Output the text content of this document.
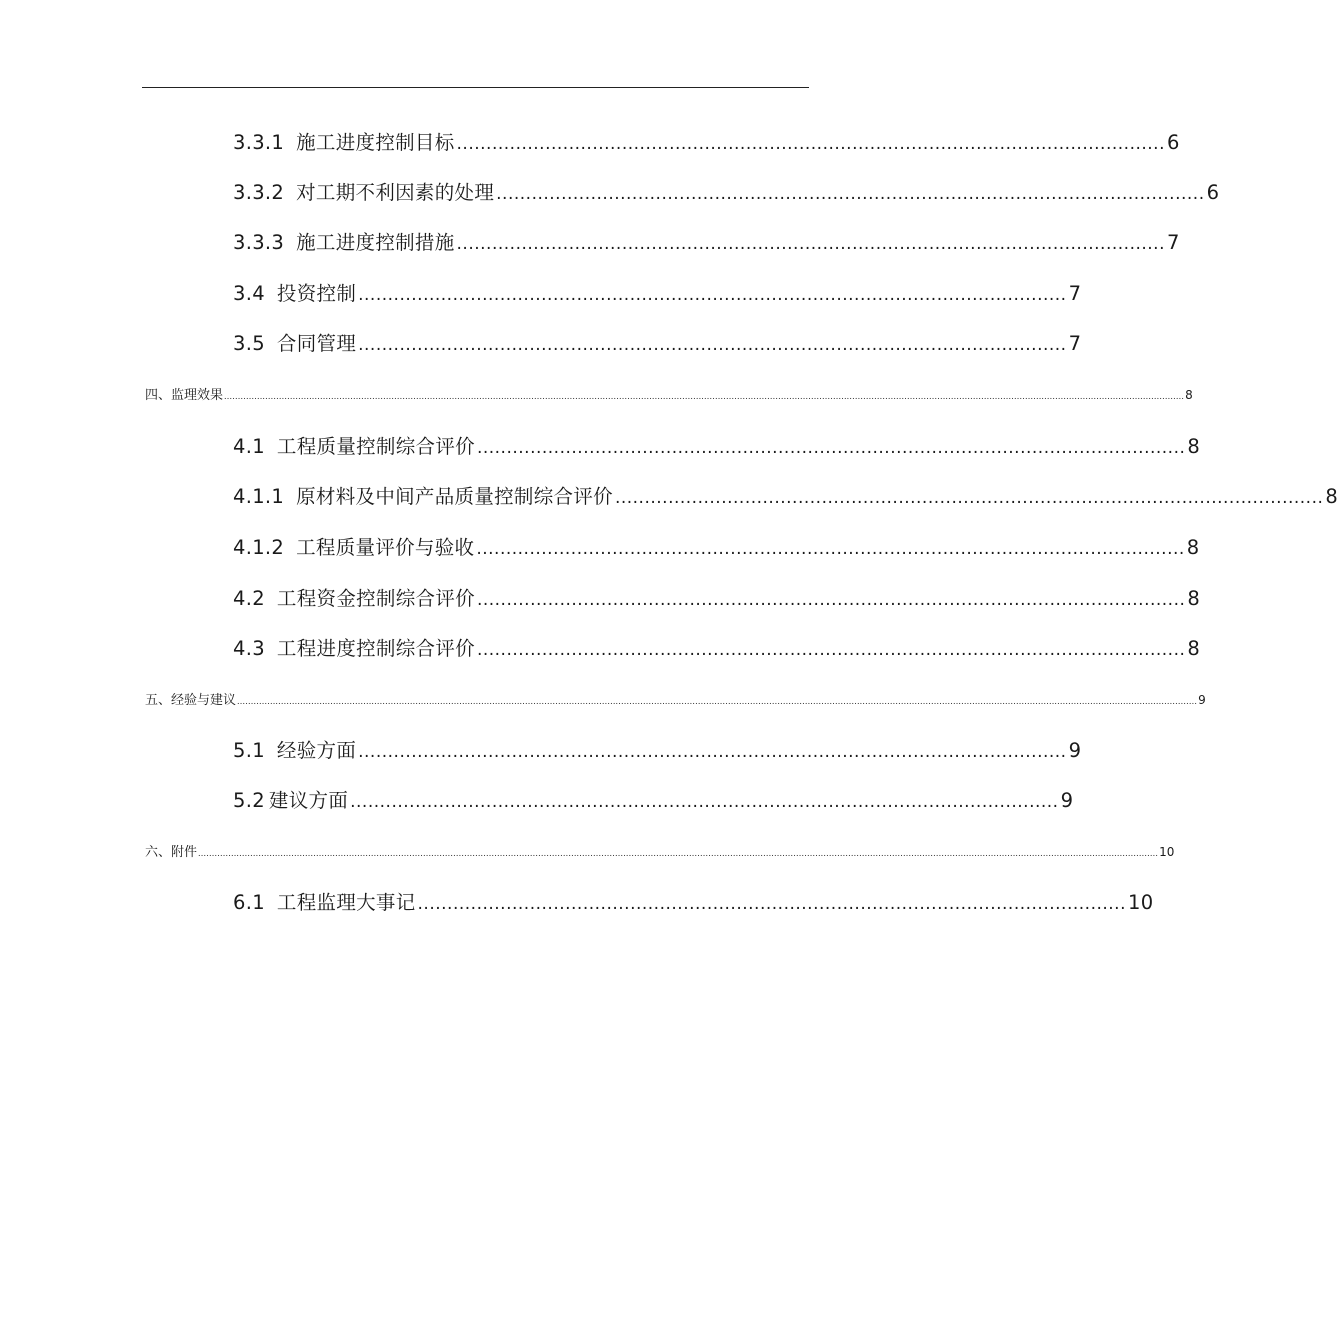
3.3.1 施工进度控制目标 ........................................................................................................................ 6
3.3.2 对工期不利因素的处理 ........................................................................................................................ 6
3.3.3 施工进度控制措施 ........................................................................................................................ 7
3.4 投资控制 ........................................................................................................................ 7
3.5 合同管理 ........................................................................................................................ 7
四、 监理效果 .............................................................................................................................................................................................................................................................................................................................................................. 8
4.1 工程质量控制综合评价 ........................................................................................................................ 8
4.1.1 原材料及中间产品质量控制综合评价 ........................................................................................................................ 8
4.1.2 工程质量评价与验收 ........................................................................................................................ 8
4.2 工程资金控制综合评价 ........................................................................................................................ 8
4.3 工程进度控制综合评价 ........................................................................................................................ 8
五、 经验与建议 .............................................................................................................................................................................................................................................................................................................................................................. 9
5.1 经验方面 ........................................................................................................................ 9
5.2 建议方面 ........................................................................................................................ 9
六、 附件 .............................................................................................................................................................................................................................................................................................................................................................. 10
6.1 工程监理大事记 ........................................................................................................................ 10
